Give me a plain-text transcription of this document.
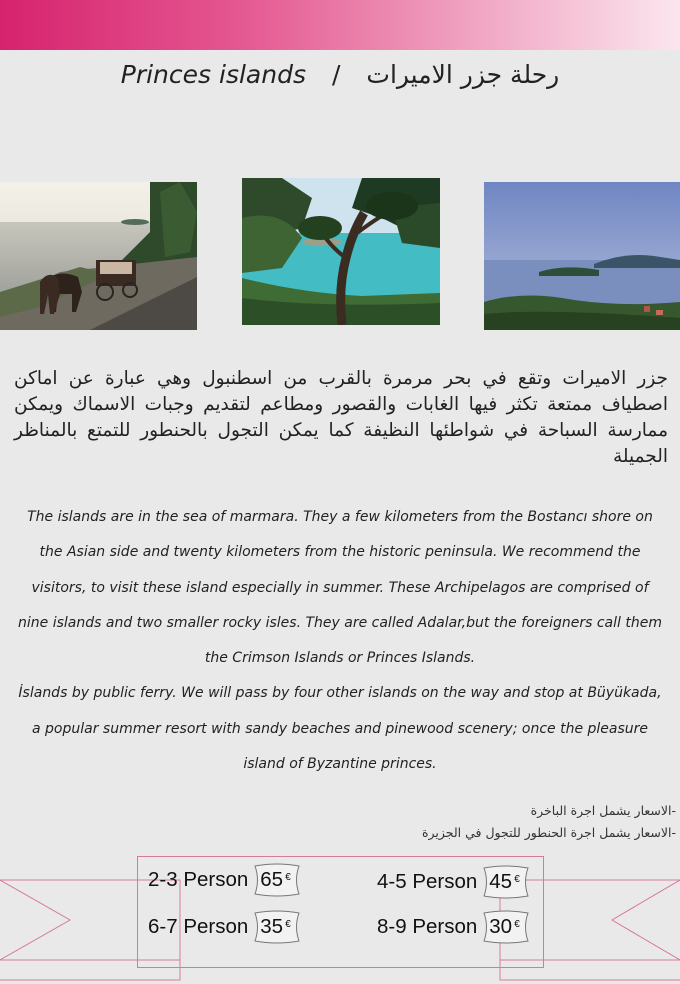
Princes islands / رحلة جزر الاميرات
جزر الاميرات وتقع في بحر مرمرة بالقرب من اسطنبول وهي عبارة عن اماكن اصطياف ممتعة تكثر فيها الغابات والقصور ومطاعم لتقديم وجبات الاسماك ويمكن ممارسة السباحة في شواطئها النظيفة كما يمكن التجول بالحنطور للتمتع بالمناظر الجميلة

The islands are in the sea of marmara. They a few kilometers from the Bostancı shore on the Asian side and twenty kilometers from the historic peninsula. We recommend the visitors, to visit these island especially in summer. These Archipelagos are comprised of nine islands and two smaller rocky isles. They are called Adalar,but the foreigners call them the Crimson Islands or Princes Islands.

İslands by public ferry. We will pass by four other islands on the way and stop at Büyükada, a popular summer resort with sandy beaches and pinewood scenery; once the pleasure island of Byzantine princes.

-الاسعار يشمل اجرة الباخرة
-الاسعار يشمل اجرة الحنطور للتجول في الجزيرة
2-3 Person 65 €	4-5 Person 45 €
6-7 Person 35 €	8-9 Person 30 €
